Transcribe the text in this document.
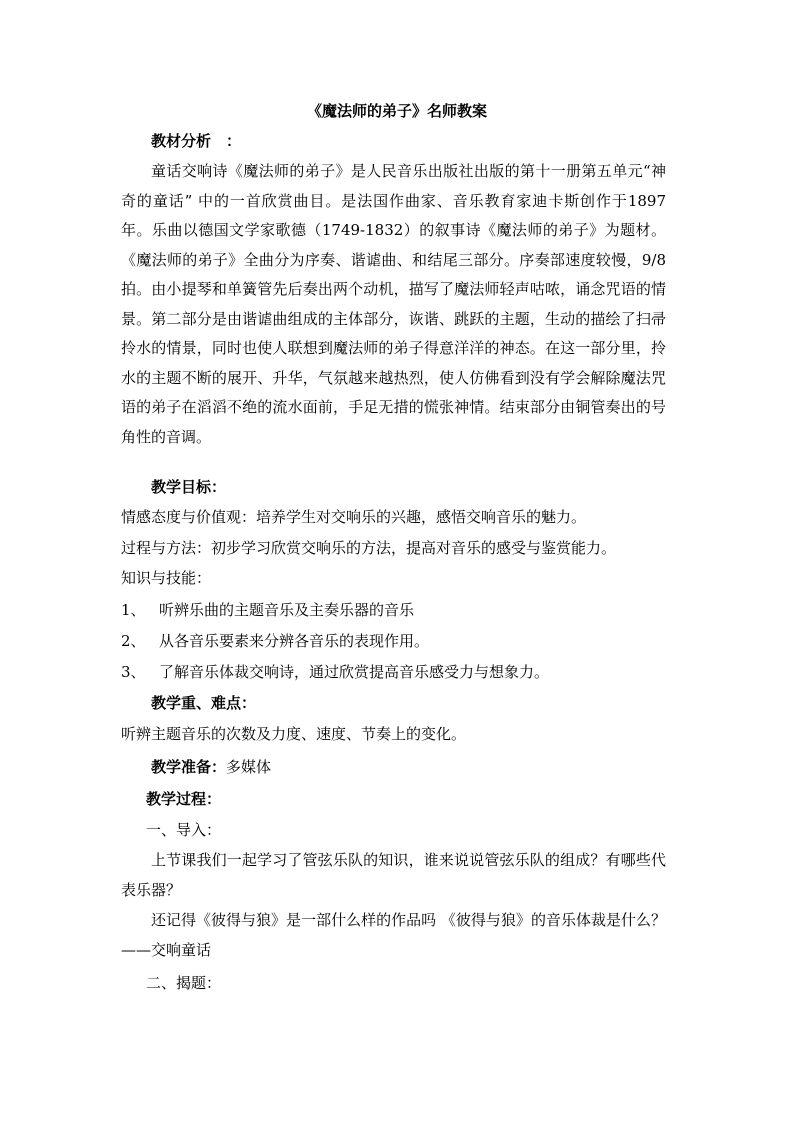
《魔法师的弟子》名师教案
教材分析　：
童话交响诗《魔法师的弟子》是人民音乐出版社出版的第十一册第五单元“神奇的童话” 中的一首欣赏曲目。是法国作曲家、音乐教育家迪卡斯创作于1897年。乐曲以德国文学家歌德（1749-1832）的叙事诗《魔法师的弟子》为题材。《魔法师的弟子》全曲分为序奏、谐谑曲、和结尾三部分。序奏部速度较慢，9/8拍。由小提琴和单簧管先后奏出两个动机，描写了魔法师轻声咕哝，诵念咒语的情景。第二部分是由谐谑曲组成的主体部分，诙谐、跳跃的主题，生动的描绘了扫帚拎水的情景，同时也使人联想到魔法师的弟子得意洋洋的神态。在这一部分里，拎水的主题不断的展开、升华，气氛越来越热烈，使人仿佛看到没有学会解除魔法咒语的弟子在滔滔不绝的流水面前，手足无措的慌张神情。结束部分由铜管奏出的号角性的音调。
教学目标：
情感态度与价值观：培养学生对交响乐的兴趣，感悟交响音乐的魅力。
过程与方法：初步学习欣赏交响乐的方法，提高对音乐的感受与鉴赏能力。
知识与技能：
1、 听辨乐曲的主题音乐及主奏乐器的音乐
2、 从各音乐要素来分辨各音乐的表现作用。
3、 了解音乐体裁交响诗，通过欣赏提高音乐感受力与想象力。
教学重、难点：
听辨主题音乐的次数及力度、速度、节奏上的变化。
教学准备：多媒体
教学过程：
一、导入：
上节课我们一起学习了管弦乐队的知识，谁来说说管弦乐队的组成？有哪些代表乐器？
还记得《彼得与狼》是一部什么样的作品吗 《彼得与狼》的音乐体裁是什么？——交响童话
二、揭题：
